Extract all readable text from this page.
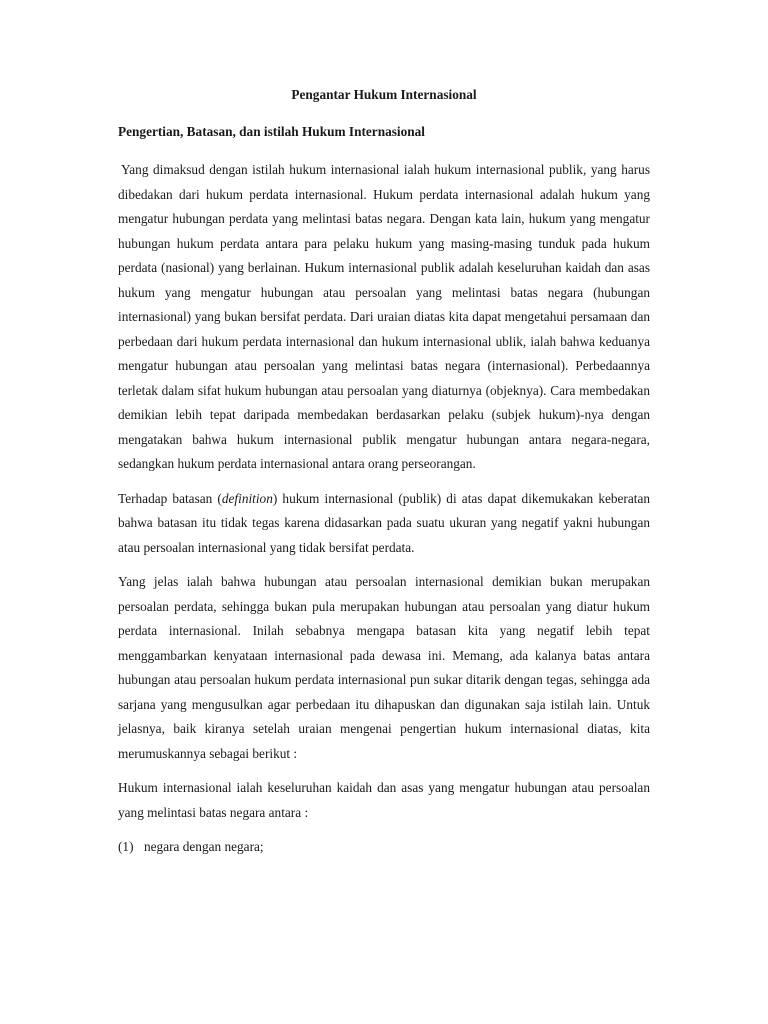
Pengantar Hukum Internasional
Pengertian, Batasan, dan istilah Hukum Internasional

Yang dimaksud dengan istilah hukum internasional ialah hukum internasional publik, yang harus dibedakan dari hukum perdata internasional. Hukum perdata internasional adalah hukum yang mengatur hubungan perdata yang melintasi batas negara. Dengan kata lain, hukum yang mengatur hubungan hukum perdata antara para pelaku hukum yang masing-masing tunduk pada hukum perdata (nasional) yang berlainan. Hukum internasional publik adalah keseluruhan kaidah dan asas hukum yang mengatur hubungan atau persoalan yang melintasi batas negara (hubungan internasional) yang bukan bersifat perdata. Dari uraian diatas kita dapat mengetahui persamaan dan perbedaan dari hukum perdata internasional dan hukum internasional ublik, ialah bahwa keduanya mengatur hubungan atau persoalan yang melintasi batas negara (internasional). Perbedaannya terletak dalam sifat hukum hubungan atau persoalan yang diaturnya (objeknya). Cara membedakan demikian lebih tepat daripada membedakan berdasarkan pelaku (subjek hukum)-nya dengan mengatakan bahwa hukum internasional publik mengatur hubungan antara negara-negara, sedangkan hukum perdata internasional antara orang perseorangan.

Terhadap batasan (definition) hukum internasional (publik) di atas dapat dikemukakan keberatan bahwa batasan itu tidak tegas karena didasarkan pada suatu ukuran yang negatif yakni hubungan atau persoalan internasional yang tidak bersifat perdata.

Yang jelas ialah bahwa hubungan atau persoalan internasional demikian bukan merupakan persoalan perdata, sehingga bukan pula merupakan hubungan atau persoalan yang diatur hukum perdata internasional. Inilah sebabnya mengapa batasan kita yang negatif lebih tepat menggambarkan kenyataan internasional pada dewasa ini. Memang, ada kalanya batas antara hubungan atau persoalan hukum perdata internasional pun sukar ditarik dengan tegas, sehingga ada sarjana yang mengusulkan agar perbedaan itu dihapuskan dan digunakan saja istilah lain. Untuk jelasnya, baik kiranya setelah uraian mengenai pengertian hukum internasional diatas, kita merumuskannya sebagai berikut :

Hukum internasional ialah keseluruhan kaidah dan asas yang mengatur hubungan atau persoalan yang melintasi batas negara antara :

(1) negara dengan negara;
